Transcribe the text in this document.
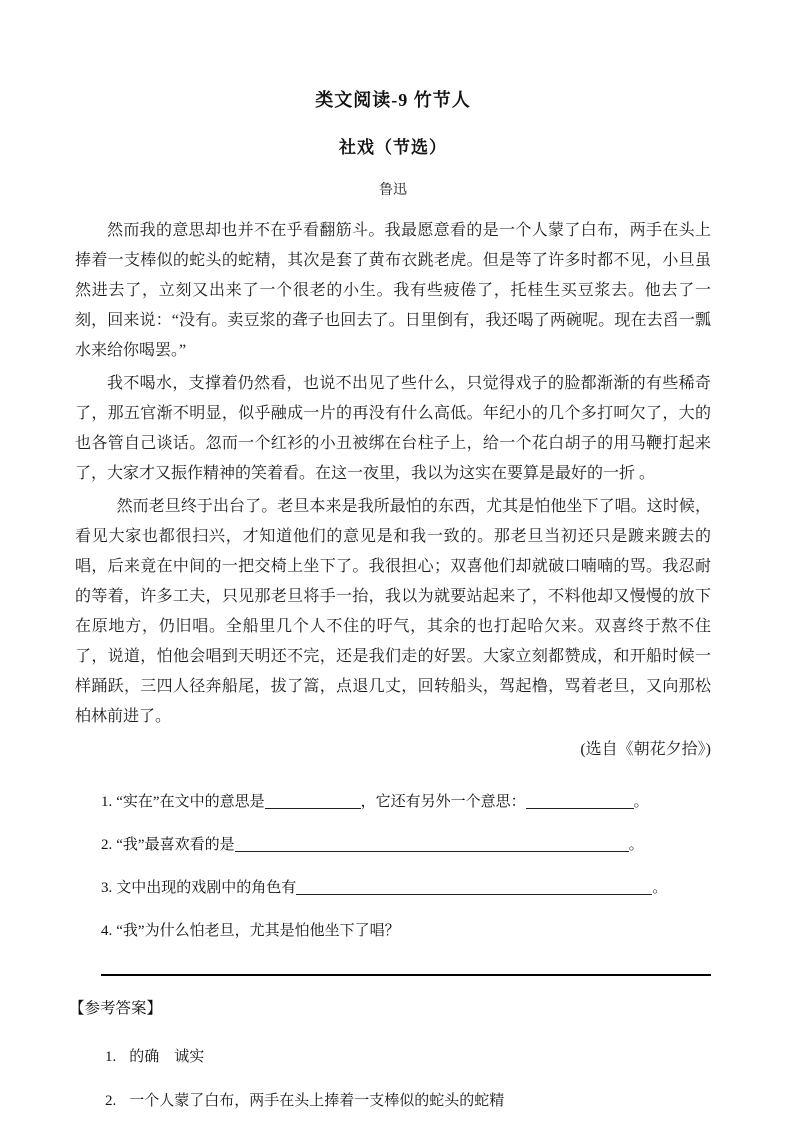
类文阅读-9 竹节人
社戏（节选）
鲁迅

然而我的意思却也并不在乎看翻筋斗。我最愿意看的是一个人蒙了白布，两手在头上捧着一支棒似的蛇头的蛇精，其次是套了黄布衣跳老虎。但是等了许多时都不见，小旦虽然进去了，立刻又出来了一个很老的小生。我有些疲倦了，托桂生买豆浆去。他去了一刻，回来说：“没有。卖豆浆的聋子也回去了。日里倒有，我还喝了两碗呢。现在去舀一瓢水来给你喝罢。”

我不喝水，支撑着仍然看，也说不出见了些什么，只觉得戏子的脸都渐渐的有些稀奇了，那五官渐不明显，似乎融成一片的再没有什么高低。年纪小的几个多打呵欠了，大的也各管自己谈话。忽而一个红衫的小丑被绑在台柱子上，给一个花白胡子的用马鞭打起来了，大家才又振作精神的笑着看。在这一夜里，我以为这实在要算是最好的一折 。

然而老旦终于出台了。老旦本来是我所最怕的东西，尤其是怕他坐下了唱。这时候，看见大家也都很扫兴，才知道他们的意见是和我一致的。那老旦当初还只是踱来踱去的唱，后来竟在中间的一把交椅上坐下了。我很担心；双喜他们却就破口喃喃的骂。我忍耐的等着，许多工夫，只见那老旦将手一抬，我以为就要站起来了，不料他却又慢慢的放下在原地方，仍旧唱。全船里几个人不住的吁气，其余的也打起哈欠来。双喜终于熬不住了，说道，怕他会唱到天明还不完，还是我们走的好罢。大家立刻都赞成，和开船时候一样踊跃，三四人径奔船尾，拔了篙，点退几丈，回转船头，驾起橹，骂着老旦，又向那松柏林前进了。

(选自《朝花夕拾》)
1. “实在”在文中的意思是	，它还有另外一个意思：	。
2. “我”最喜欢看的是	。
3. 文中出现的戏剧中的角色有	。
4. “我”为什么怕老旦，尤其是怕他坐下了唱？
【参考答案】
1. 的确　诚实
2. 一个人蒙了白布，两手在头上捧着一支棒似的蛇头的蛇精
